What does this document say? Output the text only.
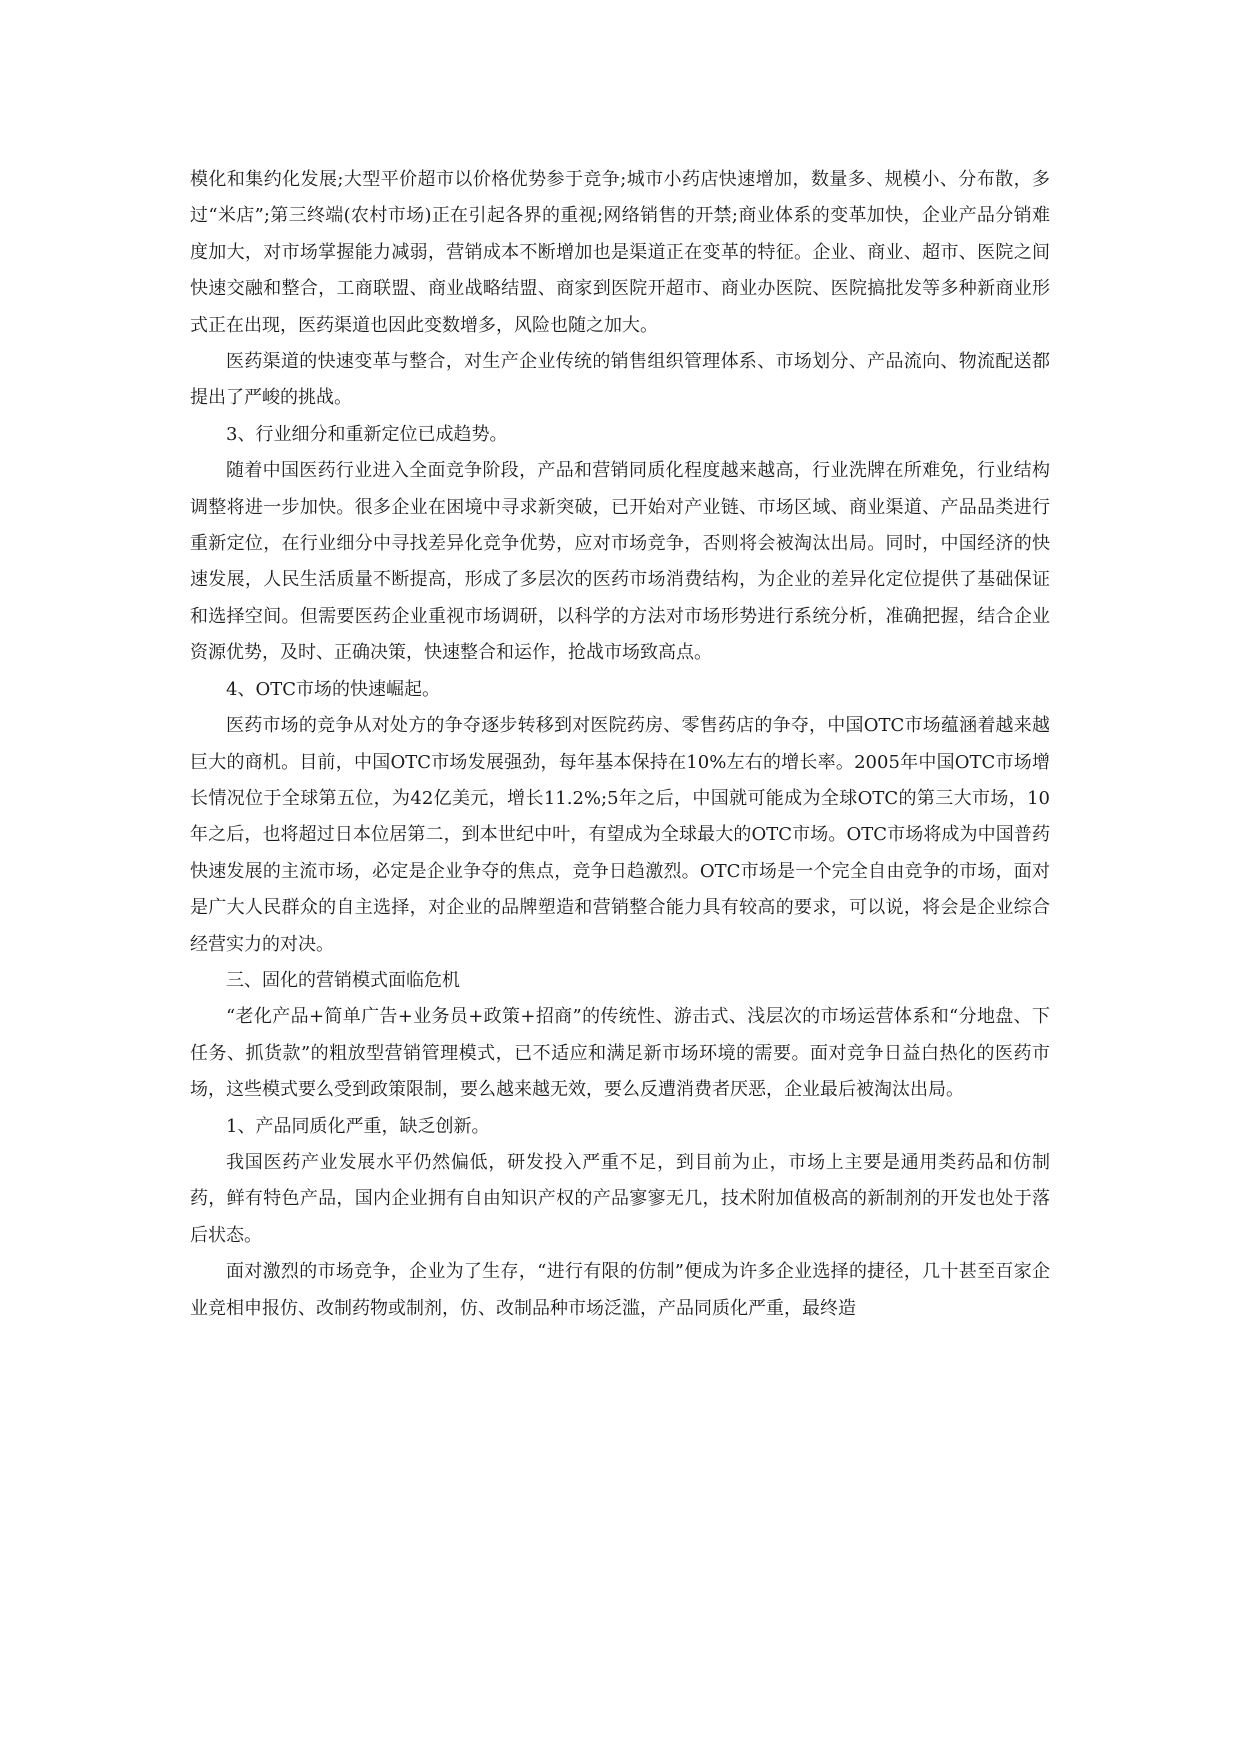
模化和集约化发展;大型平价超市以价格优势参于竞争;城市小药店快速增加，数量多、规模小、分布散，多过“米店”;第三终端(农村市场)正在引起各界的重视;网络销售的开禁;商业体系的变革加快，企业产品分销难度加大，对市场掌握能力减弱，营销成本不断增加也是渠道正在变革的特征。企业、商业、超市、医院之间快速交融和整合，工商联盟、商业战略结盟、商家到医院开超市、商业办医院、医院搞批发等多种新商业形式正在出现，医药渠道也因此变数增多，风险也随之加大。

医药渠道的快速变革与整合，对生产企业传统的销售组织管理体系、市场划分、产品流向、物流配送都提出了严峻的挑战。

3、行业细分和重新定位已成趋势。

随着中国医药行业进入全面竞争阶段，产品和营销同质化程度越来越高，行业洗牌在所难免，行业结构调整将进一步加快。很多企业在困境中寻求新突破，已开始对产业链、市场区域、商业渠道、产品品类进行重新定位，在行业细分中寻找差异化竞争优势，应对市场竞争，否则将会被淘汰出局。同时，中国经济的快速发展，人民生活质量不断提高，形成了多层次的医药市场消费结构，为企业的差异化定位提供了基础保证和选择空间。但需要医药企业重视市场调研，以科学的方法对市场形势进行系统分析，准确把握，结合企业资源优势，及时、正确决策，快速整合和运作，抢战市场致高点。

4、OTC市场的快速崛起。

医药市场的竞争从对处方的争夺逐步转移到对医院药房、零售药店的争夺，中国OTC市场蕴涵着越来越巨大的商机。目前，中国OTC市场发展强劲，每年基本保持在10%左右的增长率。2005年中国OTC市场增长情况位于全球第五位，为42亿美元，增长11.2%;5年之后，中国就可能成为全球OTC的第三大市场，10年之后，也将超过日本位居第二，到本世纪中叶，有望成为全球最大的OTC市场。OTC市场将成为中国普药快速发展的主流市场，必定是企业争夺的焦点，竞争日趋激烈。OTC市场是一个完全自由竞争的市场，面对是广大人民群众的自主选择，对企业的品牌塑造和营销整合能力具有较高的要求，可以说，将会是企业综合经营实力的对决。

三、固化的营销模式面临危机

“老化产品+简单广告+业务员+政策+招商”的传统性、游击式、浅层次的市场运营体系和“分地盘、下任务、抓货款”的粗放型营销管理模式，已不适应和满足新市场环境的需要。面对竞争日益白热化的医药市场，这些模式要么受到政策限制，要么越来越无效，要么反遭消费者厌恶，企业最后被淘汰出局。

1、产品同质化严重，缺乏创新。

我国医药产业发展水平仍然偏低，研发投入严重不足，到目前为止，市场上主要是通用类药品和仿制药，鲜有特色产品，国内企业拥有自由知识产权的产品寥寥无几，技术附加值极高的新制剂的开发也处于落后状态。

面对激烈的市场竞争，企业为了生存，“进行有限的仿制”便成为许多企业选择的捷径，几十甚至百家企业竞相申报仿、改制药物或制剂，仿、改制品种市场泛滥，产品同质化严重，最终造
